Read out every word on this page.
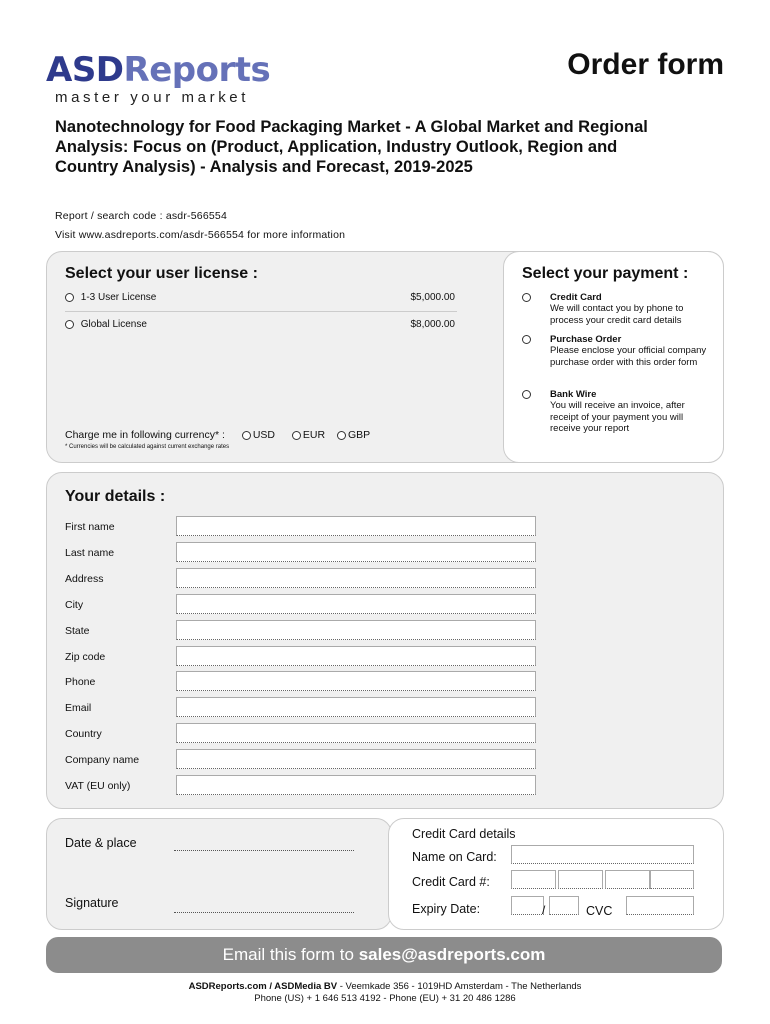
ASDReports
master your market
Order form
Nanotechnology for Food Packaging Market - A Global Market and Regional Analysis: Focus on (Product, Application, Industry Outlook, Region and Country Analysis) - Analysis and Forecast, 2019-2025
Report / search code : asdr-566554
Visit www.asdreports.com/asdr-566554 for more information
Select your user license :
1-3 User License	$5,000.00
Global License	$8,000.00
Charge me in following currency* :	USD	EUR GBP
* Currencies will be calculated against current exchange rates
Select your payment :
Credit Card
We will contact you by phone to process your credit card details
Purchase Order
Please enclose your official company purchase order with this order form
Bank Wire
You will receive an invoice, after receipt of your payment you will receive your report
Your details :
First name
Last name
Address
City
State
Zip code
Phone
Email
Country
Company name
VAT (EU only)
Date & place
Signature
Credit Card details
Name on Card:
Credit Card #:
Expiry Date:	/	CVC
Email this form to sales@asdreports.com
ASDReports.com / ASDMedia BV - Veemkade 356 - 1019HD Amsterdam - The Netherlands
Phone (US) + 1 646 513 4192 - Phone (EU) + 31 20 486 1286
